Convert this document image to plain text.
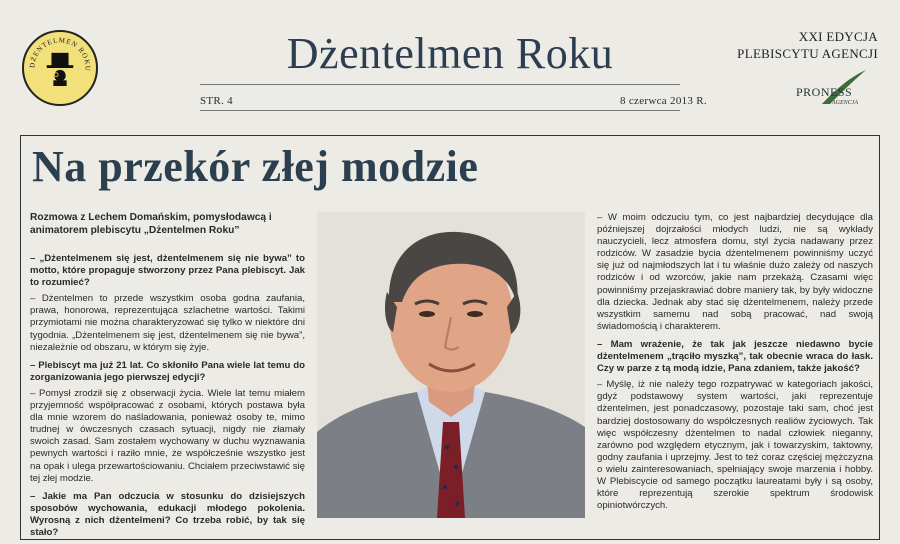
DŻENTELMEN ROKU	Dżentelmen Roku	XXI EDYCJA
PLEBISCYTU AGENCJI
PRONESS
AGENCJA
STR. 4	8 czerwca 2013 R.
Na przekór złej modzie
Rozmowa z Lechem Domańskim, pomysłodawcą i animatorem plebiscytu „Dżentelmen Roku”

– „Dżentelmenem się jest, dżentelmenem się nie bywa” to motto, które propaguje stworzony przez Pana plebiscyt. Jak to rozumieć?

– Dżentelmen to przede wszystkim osoba godna zaufania, prawa, honorowa, reprezentująca szlachetne wartości. Takimi przymiotami nie można charakteryzować się tylko w niektóre dni tygodnia. „Dżentelmenem się jest, dżentelmenem się nie bywa”, niezależnie od obszaru, w którym się żyje.

– Plebiscyt ma już 21 lat. Co skłoniło Pana wiele lat temu do zorganizowania jego pierwszej edycji?

– Pomysł zrodził się z obserwacji życia. Wiele lat temu miałem przyjemność współpracować z osobami, których postawa była dla mnie wzorem do naśladowania, ponieważ osoby te, mimo trudnej w ówczesnych czasach sytuacji, nigdy nie złamały swoich zasad. Sam zostałem wychowany w duchu wyznawania pewnych wartości i raziło mnie, że współcześnie wszystko jest na opak i ulega przewartościowaniu. Chciałem przeciwstawić się tej złej modzie.

– Jakie ma Pan odczucia w stosunku do dzisiejszych sposobów wychowania, edukacji młodego pokolenia. Wyrosną z nich dżentelmeni? Co trzeba robić, by tak się stało?

– W moim odczuciu tym, co jest najbardziej decydujące dla późniejszej dojrzałości młodych ludzi, nie są wykłady nauczycieli, lecz atmosfera domu, styl życia nadawany przez rodziców. W zasadzie bycia dżentelmenem powinniśmy uczyć się już od najmłodszych lat i tu właśnie dużo zależy od naszych rodziców i od wzorców, jakie nam przekażą. Czasami więc powinniśmy przejaskrawiać dobre maniery tak, by były widoczne dla dziecka. Jednak aby stać się dżentelmenem, należy przede wszystkim samemu nad sobą pracować, nad swoją świadomością i charakterem.

– Mam wrażenie, że tak jak jeszcze niedawno bycie dżentelmenem „trąciło myszką”, tak obecnie wraca do łask. Czy w parze z tą modą idzie, Pana zdaniem, także jakość?

– Myślę, iż nie należy tego rozpatrywać w kategoriach jakości, gdyż podstawowy system wartości, jaki reprezentuje dżentelmen, jest ponadczasowy, pozostaje taki sam, choć jest bardziej dostosowany do współczesnych realiów życiowych. Tak więc współczesny dżentelmen to nadal człowiek nieganny, zarówno pod względem etycznym, jak i towarzyskim, taktowny, godny zaufania i uprzejmy. Jest to też coraz częściej mężczyzna o wielu zainteresowaniach, spełniający swoje marzenia i hobby. W Plebiscycie od samego początku laureatami były i są osoby, które reprezentują szerokie spektrum środowisk opiniotwórczych.
